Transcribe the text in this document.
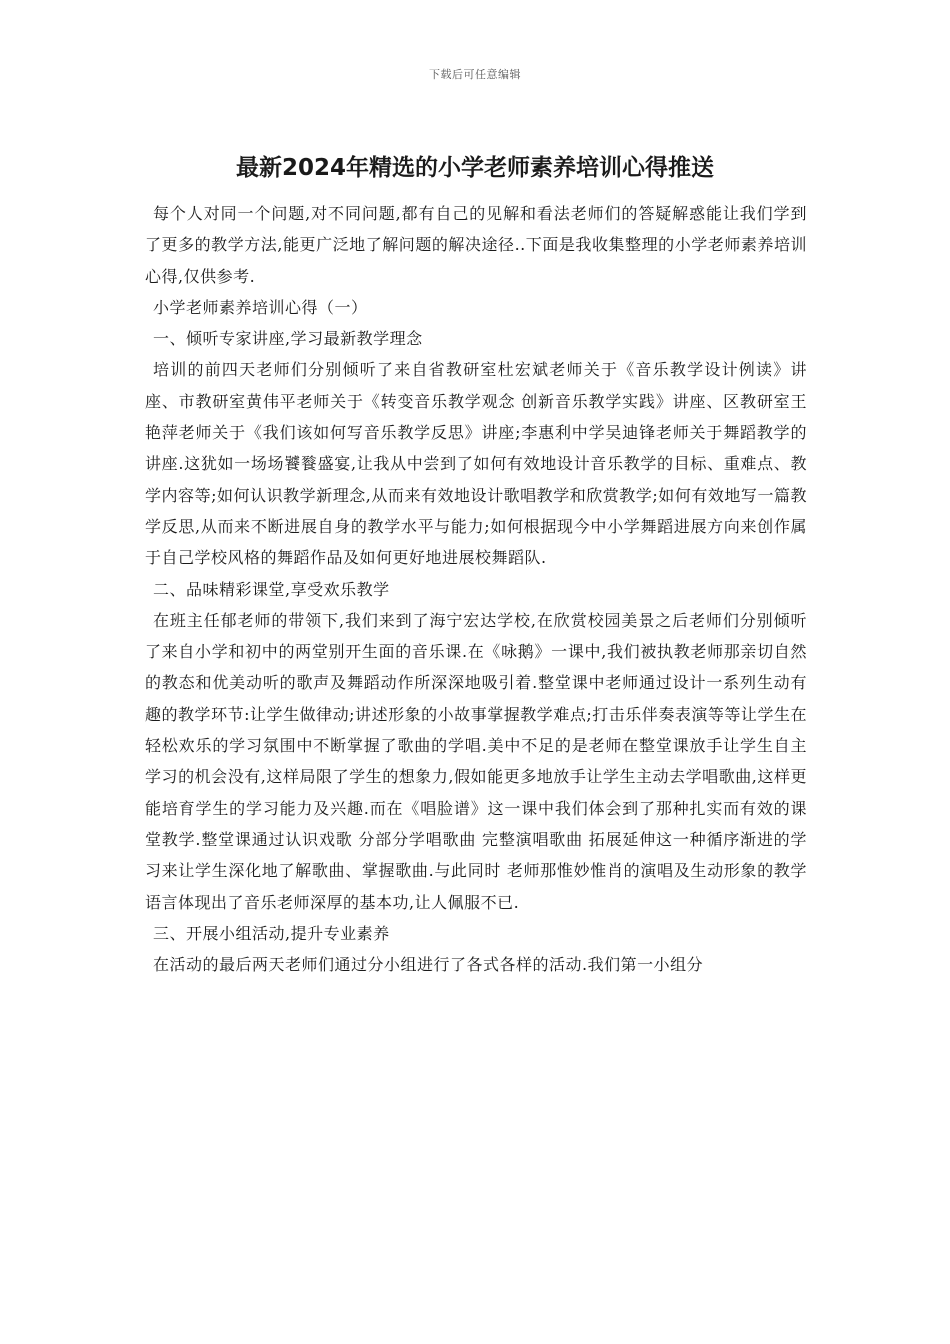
下载后可任意编辑
最新2024年精选的小学老师素养培训心得推送

每个人对同一个问题,对不同问题,都有自己的见解和看法老师们的答疑解惑能让我们学到了更多的教学方法,能更广泛地了解问题的解决途径..下面是我收集整理的小学老师素养培训心得,仅供参考.

小学老师素养培训心得（一）

一、倾听专家讲座,学习最新教学理念

培训的前四天老师们分别倾听了来自省教研室杜宏斌老师关于《音乐教学设计例读》讲座、市教研室黄伟平老师关于《转变音乐教学观念 创新音乐教学实践》讲座、区教研室王艳萍老师关于《我们该如何写音乐教学反思》讲座;李惠利中学吴迪锋老师关于舞蹈教学的讲座.这犹如一场场饕餮盛宴,让我从中尝到了如何有效地设计音乐教学的目标、重难点、教学内容等;如何认识教学新理念,从而来有效地设计歌唱教学和欣赏教学;如何有效地写一篇教学反思,从而来不断进展自身的教学水平与能力;如何根据现今中小学舞蹈进展方向来创作属于自己学校风格的舞蹈作品及如何更好地进展校舞蹈队.

二、品味精彩课堂,享受欢乐教学

在班主任郁老师的带领下,我们来到了海宁宏达学校,在欣赏校园美景之后老师们分别倾听了来自小学和初中的两堂别开生面的音乐课.在《咏鹅》一课中,我们被执教老师那亲切自然的教态和优美动听的歌声及舞蹈动作所深深地吸引着.整堂课中老师通过设计一系列生动有趣的教学环节:让学生做律动;讲述形象的小故事掌握教学难点;打击乐伴奏表演等等让学生在轻松欢乐的学习氛围中不断掌握了歌曲的学唱.美中不足的是老师在整堂课放手让学生自主学习的机会没有,这样局限了学生的想象力,假如能更多地放手让学生主动去学唱歌曲,这样更能培育学生的学习能力及兴趣.而在《唱脸谱》这一课中我们体会到了那种扎实而有效的课堂教学.整堂课通过认识戏歌 分部分学唱歌曲 完整演唱歌曲 拓展延伸这一种循序渐进的学习来让学生深化地了解歌曲、掌握歌曲.与此同时 老师那惟妙惟肖的演唱及生动形象的教学语言体现出了音乐老师深厚的基本功,让人佩服不已.

三、开展小组活动,提升专业素养

在活动的最后两天老师们通过分小组进行了各式各样的活动.我们第一小组分
